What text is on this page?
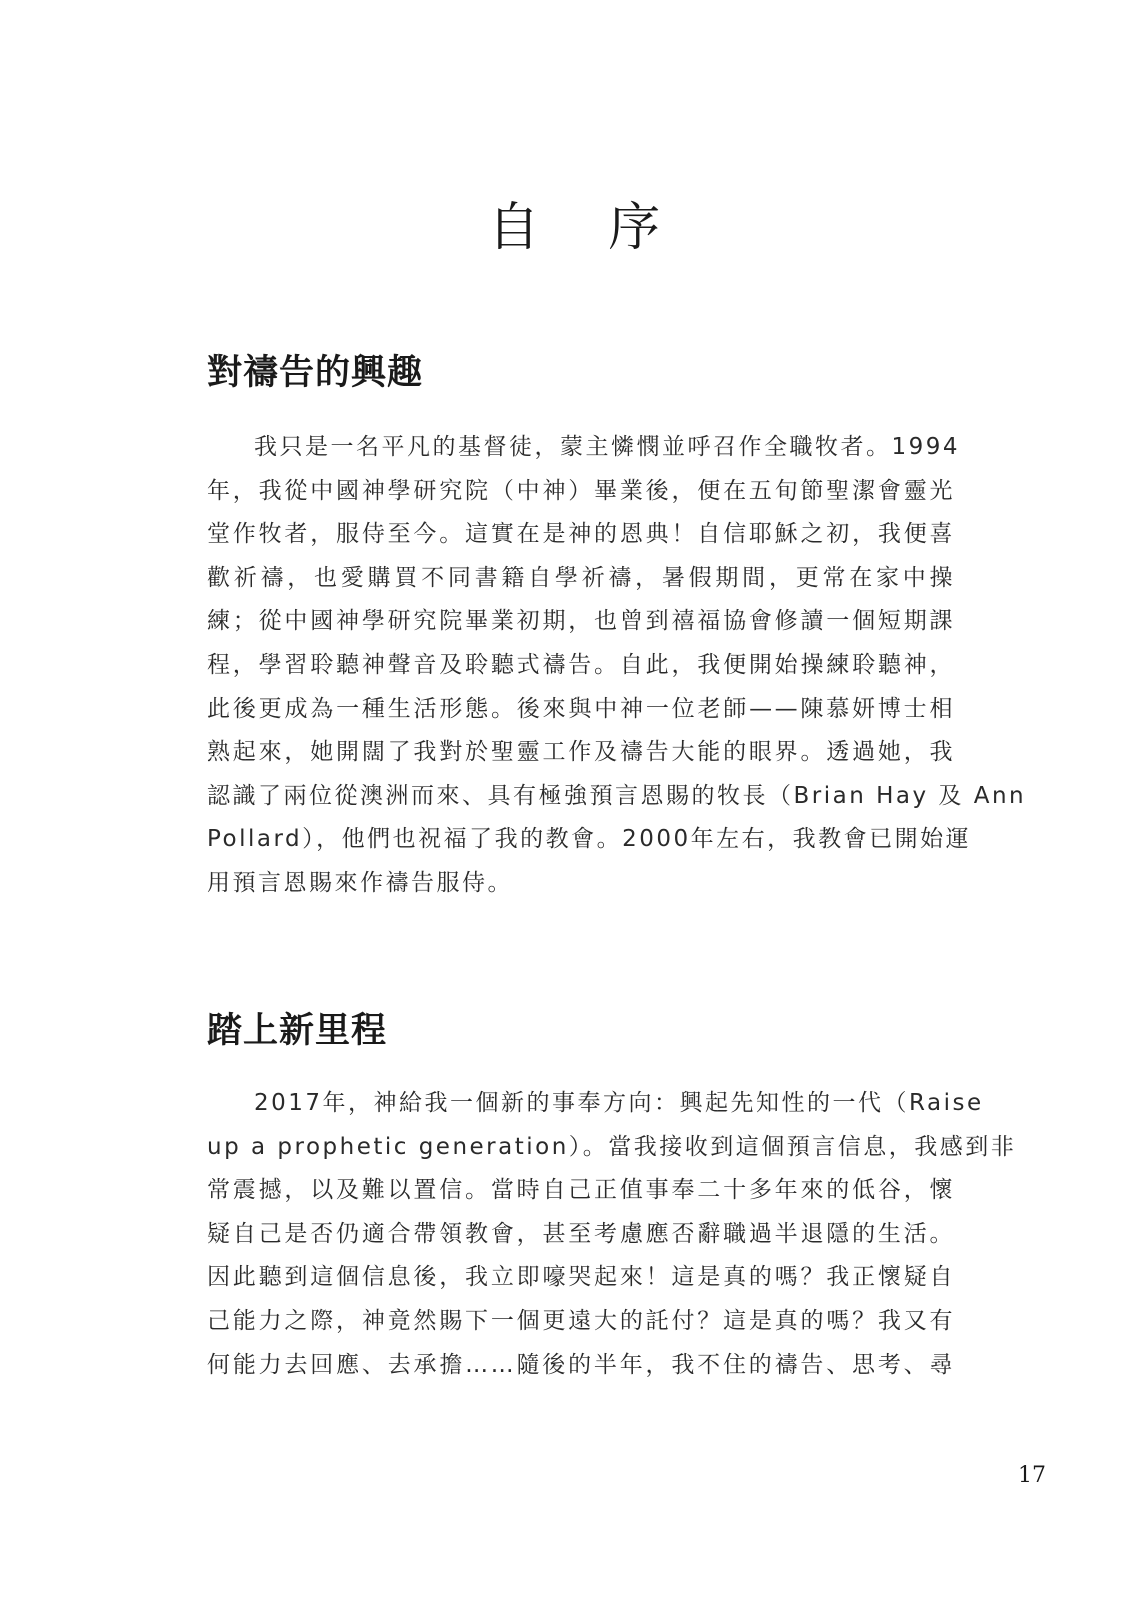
自 序
對禱告的興趣
我只是一名平凡的基督徒，蒙主憐憫並呼召作全職牧者。1994
年，我從中國神學研究院（中神）畢業後，便在五旬節聖潔會靈光
堂作牧者，服侍至今。這實在是神的恩典！自信耶穌之初，我便喜
歡祈禱，也愛購買不同書籍自學祈禱，暑假期間，更常在家中操
練；從中國神學研究院畢業初期，也曾到禧福協會修讀一個短期課
程，學習聆聽神聲音及聆聽式禱告。自此，我便開始操練聆聽神，
此後更成為一種生活形態。後來與中神一位老師——陳慕妍博士相
熟起來，她開闊了我對於聖靈工作及禱告大能的眼界。透過她，我
認識了兩位從澳洲而來、具有極強預言恩賜的牧長（Brian Hay 及 Ann
Pollard），他們也祝福了我的教會。2000年左右，我教會已開始運
用預言恩賜來作禱告服侍。
踏上新里程
2017年，神給我一個新的事奉方向：興起先知性的一代（Raise
up a prophetic generation）。當我接收到這個預言信息，我感到非
常震撼，以及難以置信。當時自己正值事奉二十多年來的低谷，懷
疑自己是否仍適合帶領教會，甚至考慮應否辭職過半退隱的生活。
因此聽到這個信息後，我立即嚎哭起來！這是真的嗎？我正懷疑自
己能力之際，神竟然賜下一個更遠大的託付？這是真的嗎？我又有
何能力去回應、去承擔……隨後的半年，我不住的禱告、思考、尋
17
